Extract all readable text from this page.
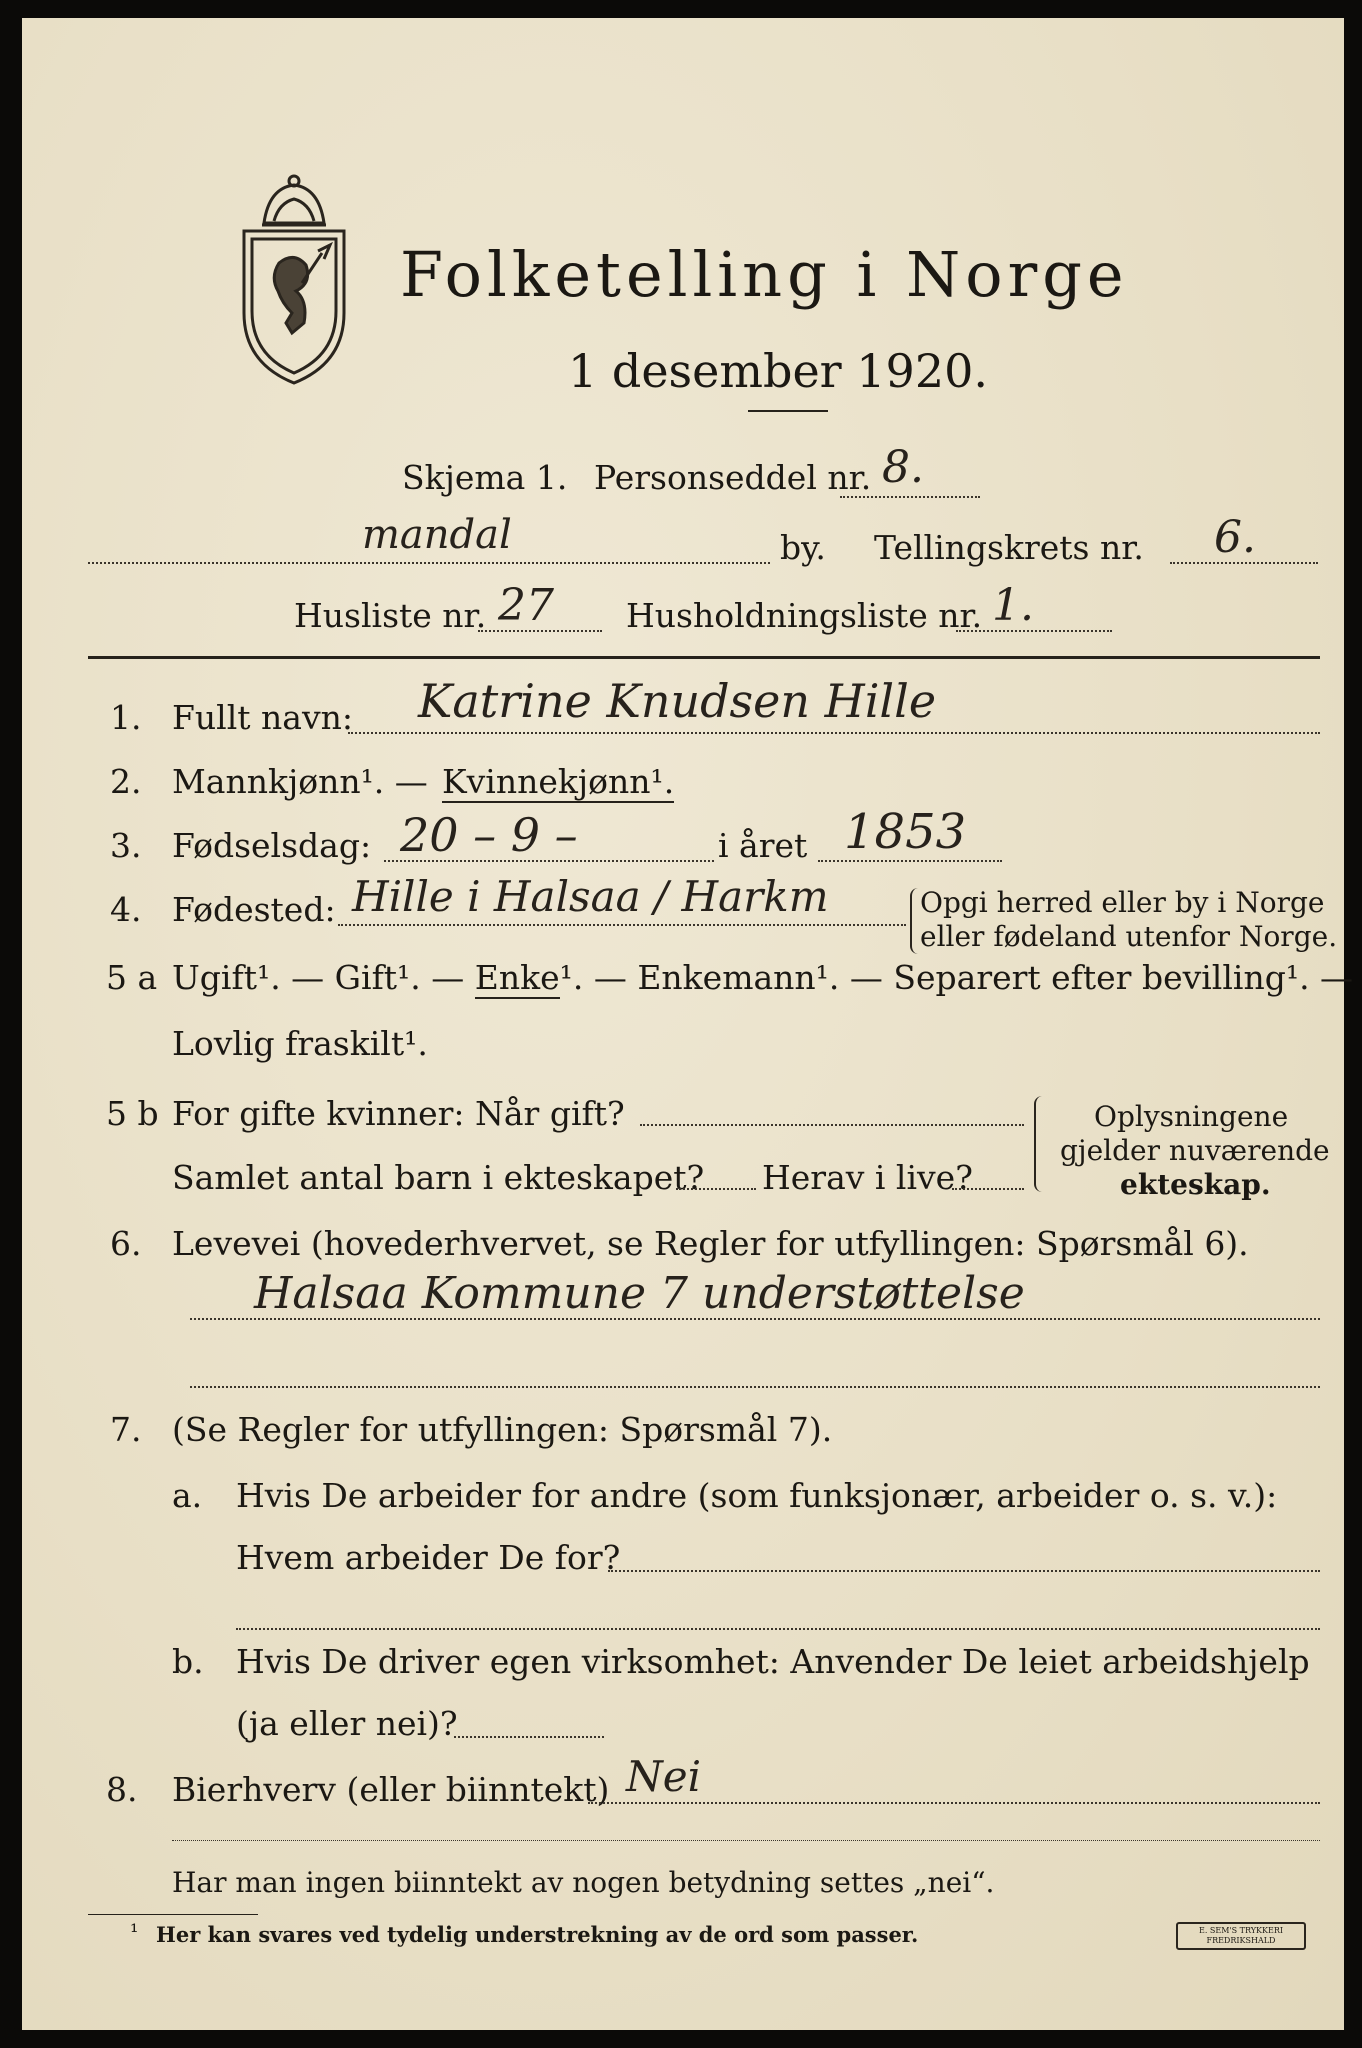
Folketelling i Norge
1 desember 1920.
Skjema 1. Personseddel nr. 8.
mandal	by. Tellingskrets nr. 6.
Husliste nr. 27 Husholdningsliste nr. 1.
1. Fullt navn: Katrine Knudsen Hille
2. Mannkjønn¹. — Kvinnekjønn¹.
3. Fødselsdag: 20 – 9 –	i året 1853
4. Fødested: Hille i Halsaa / Harkm	Opgi herred eller by i Norge
eller fødeland utenfor Norge.
5 a Ugift¹. — Gift¹. — Enke¹. — Enkemann¹. — Separert efter bevilling¹. —
Lovlig fraskilt¹.
5 b For gifte kvinner: Når gift?
Samlet antal barn i ekteskapet? Herav i live?
Oplysningene
gjelder nuværende
ekteskap.
6. Levevei (hovederhvervet, se Regler for utfyllingen: Spørsmål 6).
Halsaa Kommune 7 understøttelse
7. (Se Regler for utfyllingen: Spørsmål 7).
a. Hvis De arbeider for andre (som funksjonær, arbeider o. s. v.):
Hvem arbeider De for?
b. Hvis De driver egen virksomhet: Anvender De leiet arbeidshjelp
(ja eller nei)?
8. Bierhverv (eller biinntekt) Nei
Har man ingen biinntekt av nogen betydning settes „nei“.
¹ Her kan svares ved tydelig understrekning av de ord som passer.	E. SEM'S TRYKKERI FREDRIKSHALD
